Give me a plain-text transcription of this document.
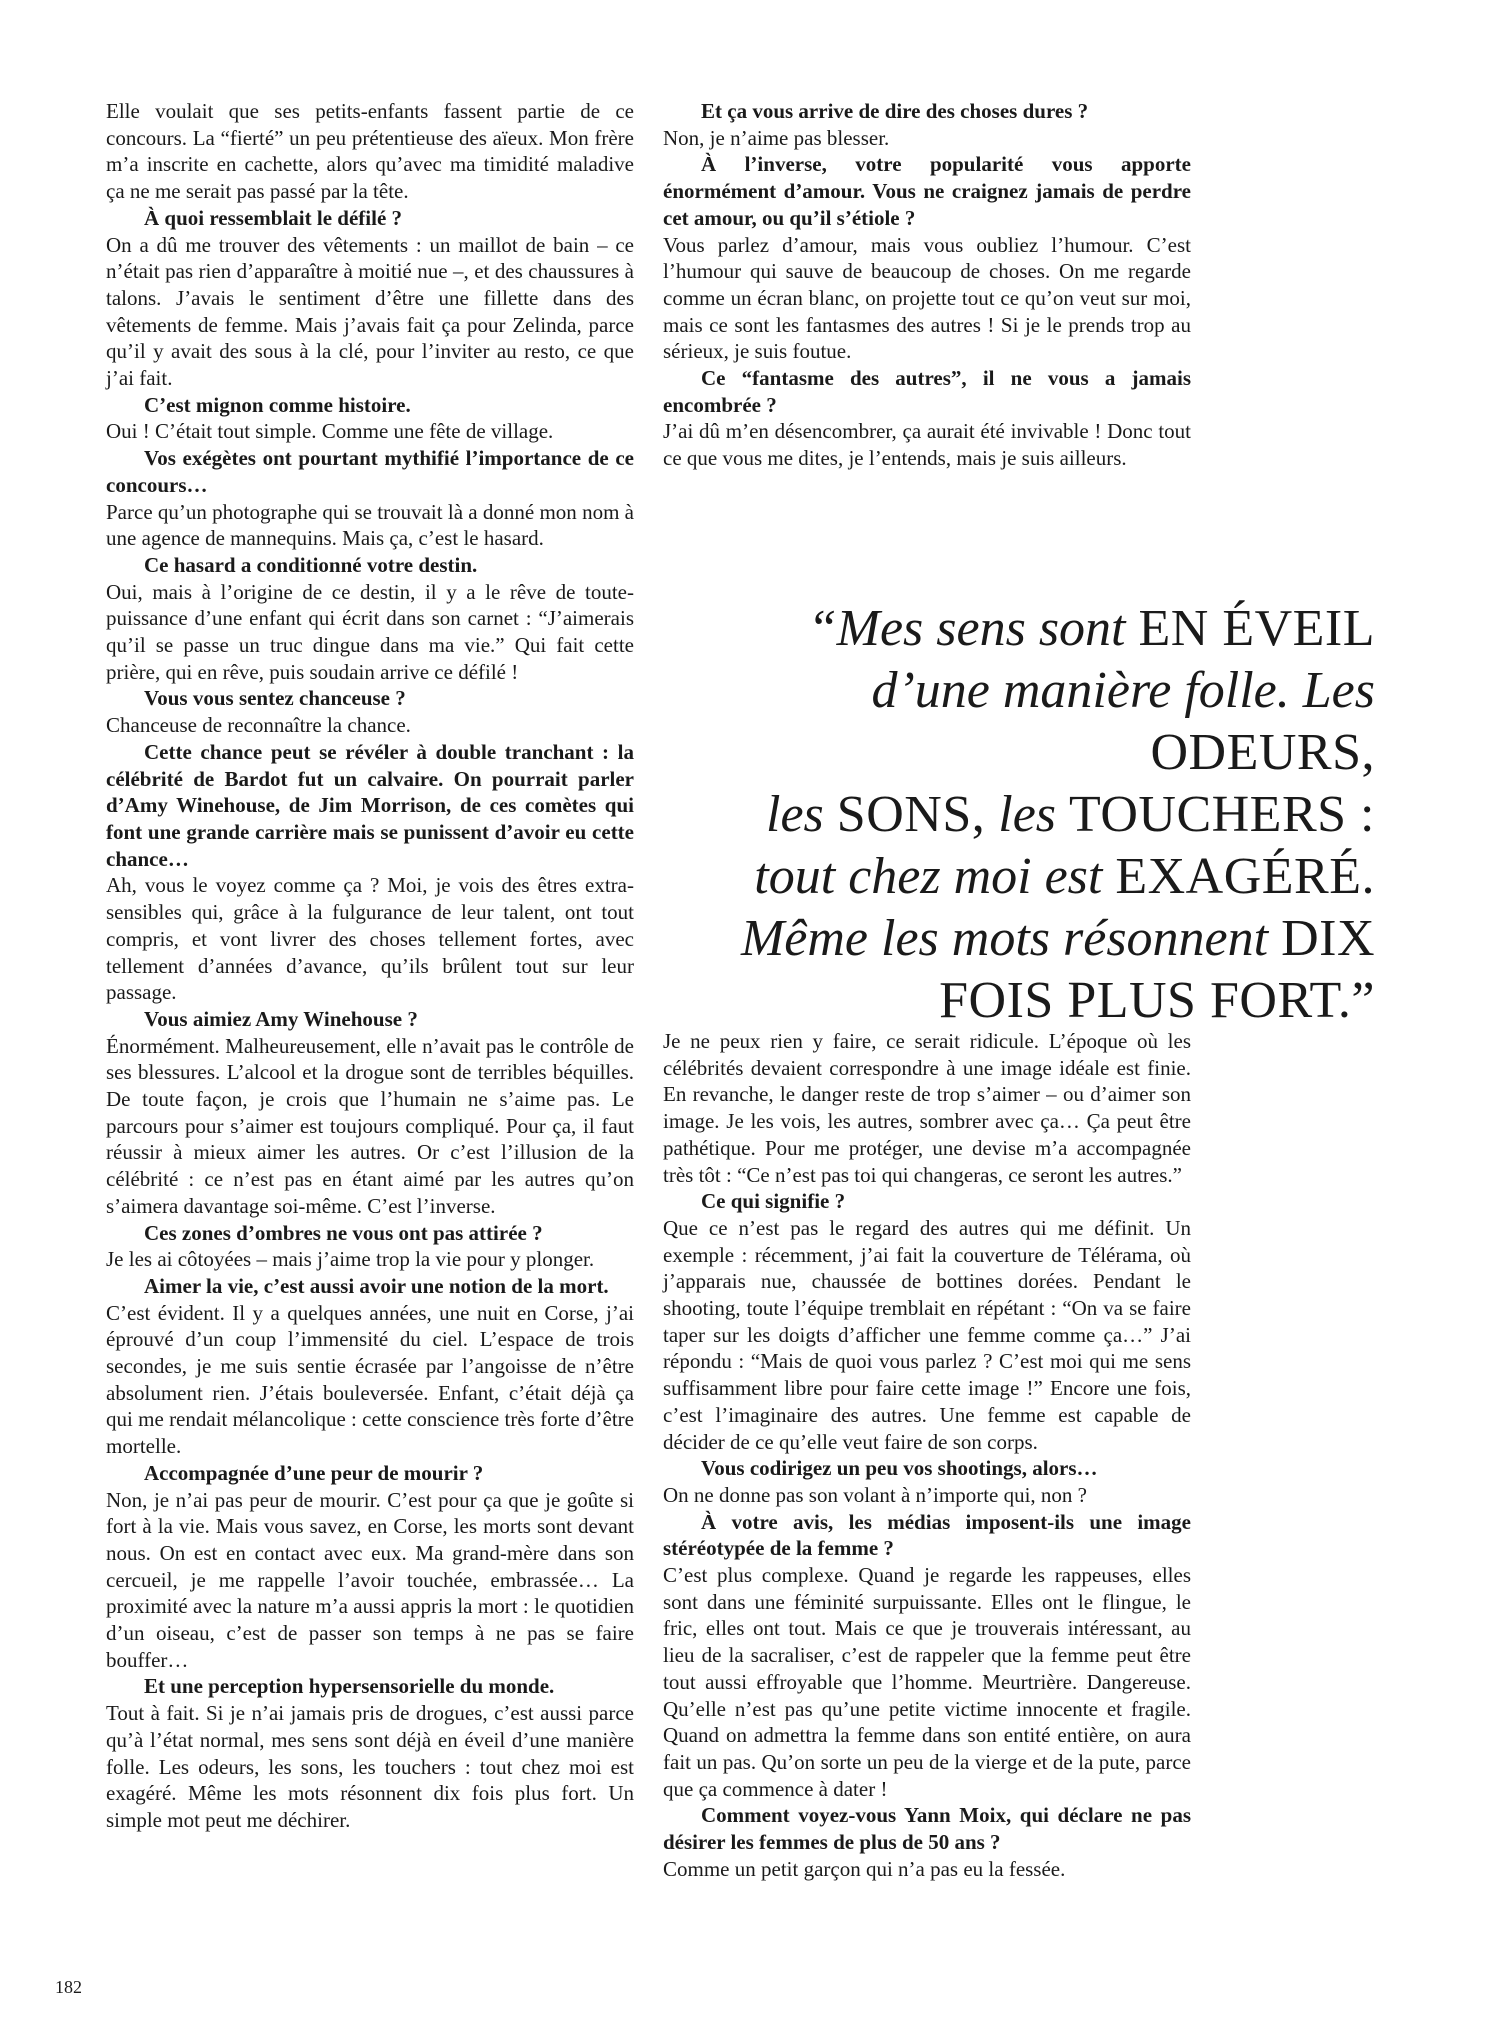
Elle voulait que ses petits-enfants fassent partie de ce concours. La “fierté” un peu prétentieuse des aïeux. Mon frère m’a inscrite en cachette, alors qu’avec ma timidité maladive ça ne me serait pas passé par la tête.

À quoi ressemblait le défilé ?

On a dû me trouver des vêtements : un maillot de bain – ce n’était pas rien d’apparaître à moitié nue –, et des chaussures à talons. J’avais le sentiment d’être une fillette dans des vêtements de femme. Mais j’avais fait ça pour Zelinda, parce qu’il y avait des sous à la clé, pour l’inviter au resto, ce que j’ai fait.

C’est mignon comme histoire.

Oui ! C’était tout simple. Comme une fête de village.

Vos exégètes ont pourtant mythifié l’importance de ce concours…

Parce qu’un photographe qui se trouvait là a donné mon nom à une agence de mannequins. Mais ça, c’est le hasard.

Ce hasard a conditionné votre destin.

Oui, mais à l’origine de ce destin, il y a le rêve de toute-puissance d’une enfant qui écrit dans son carnet : “J’aimerais qu’il se passe un truc dingue dans ma vie.” Qui fait cette prière, qui en rêve, puis soudain arrive ce défilé !

Vous vous sentez chanceuse ?

Chanceuse de reconnaître la chance.

Cette chance peut se révéler à double tranchant : la célébrité de Bardot fut un calvaire. On pourrait parler d’Amy Winehouse, de Jim Morrison, de ces comètes qui font une grande carrière mais se punissent d’avoir eu cette chance…

Ah, vous le voyez comme ça ? Moi, je vois des êtres extra-sensibles qui, grâce à la fulgurance de leur talent, ont tout compris, et vont livrer des choses tellement fortes, avec tellement d’années d’avance, qu’ils brûlent tout sur leur passage.

Vous aimiez Amy Winehouse ?

Énormément. Malheureusement, elle n’avait pas le contrôle de ses blessures. L’alcool et la drogue sont de terribles béquilles. De toute façon, je crois que l’humain ne s’aime pas. Le parcours pour s’aimer est toujours compliqué. Pour ça, il faut réussir à mieux aimer les autres. Or c’est l’illusion de la célébrité : ce n’est pas en étant aimé par les autres qu’on s’aimera davantage soi-même. C’est l’inverse.

Ces zones d’ombres ne vous ont pas attirée ?

Je les ai côtoyées – mais j’aime trop la vie pour y plonger.

Aimer la vie, c’est aussi avoir une notion de la mort.

C’est évident. Il y a quelques années, une nuit en Corse, j’ai éprouvé d’un coup l’immensité du ciel. L’espace de trois secondes, je me suis sentie écrasée par l’angoisse de n’être absolument rien. J’étais bouleversée. Enfant, c’était déjà ça qui me rendait mélancolique : cette conscience très forte d’être mortelle.

Accompagnée d’une peur de mourir ?

Non, je n’ai pas peur de mourir. C’est pour ça que je goûte si fort à la vie. Mais vous savez, en Corse, les morts sont devant nous. On est en contact avec eux. Ma grand-mère dans son cercueil, je me rappelle l’avoir touchée, embrassée… La proximité avec la nature m’a aussi appris la mort : le quotidien d’un oiseau, c’est de passer son temps à ne pas se faire bouffer…

Et une perception hypersensorielle du monde.

Tout à fait. Si je n’ai jamais pris de drogues, c’est aussi parce qu’à l’état normal, mes sens sont déjà en éveil d’une manière folle. Les odeurs, les sons, les touchers : tout chez moi est exagéré. Même les mots résonnent dix fois plus fort. Un simple mot peut me déchirer.

Et ça vous arrive de dire des choses dures ?

Non, je n’aime pas blesser.

À l’inverse, votre popularité vous apporte énormément d’amour. Vous ne craignez jamais de perdre cet amour, ou qu’il s’étiole ?

Vous parlez d’amour, mais vous oubliez l’humour. C’est l’humour qui sauve de beaucoup de choses. On me regarde comme un écran blanc, on projette tout ce qu’on veut sur moi, mais ce sont les fantasmes des autres ! Si je le prends trop au sérieux, je suis foutue.

Ce “fantasme des autres”, il ne vous a jamais encombrée ?

J’ai dû m’en désencombrer, ça aurait été invivable ! Donc tout ce que vous me dites, je l’entends, mais je suis ailleurs.

“Mes sens sont EN ÉVEIL
d’une manière folle. Les ODEURS,
les SONS, les TOUCHERS :
tout chez moi est EXAGÉRÉ.
Même les mots résonnent DIX
FOIS PLUS FORT.”

Je ne peux rien y faire, ce serait ridicule. L’époque où les célébrités devaient correspondre à une image idéale est finie. En revanche, le danger reste de trop s’aimer – ou d’aimer son image. Je les vois, les autres, sombrer avec ça… Ça peut être pathétique. Pour me protéger, une devise m’a accompagnée très tôt : “Ce n’est pas toi qui changeras, ce seront les autres.”

Ce qui signifie ?

Que ce n’est pas le regard des autres qui me définit. Un exemple : récemment, j’ai fait la couverture de Télérama, où j’apparais nue, chaussée de bottines dorées. Pendant le shooting, toute l’équipe tremblait en répétant : “On va se faire taper sur les doigts d’afficher une femme comme ça…” J’ai répondu : “Mais de quoi vous parlez ? C’est moi qui me sens suffisamment libre pour faire cette image !” Encore une fois, c’est l’imaginaire des autres. Une femme est capable de décider de ce qu’elle veut faire de son corps.

Vous codirigez un peu vos shootings, alors…

On ne donne pas son volant à n’importe qui, non ?

À votre avis, les médias imposent-ils une image stéréotypée de la femme ?

C’est plus complexe. Quand je regarde les rappeuses, elles sont dans une féminité surpuissante. Elles ont le flingue, le fric, elles ont tout. Mais ce que je trouverais intéressant, au lieu de la sacraliser, c’est de rappeler que la femme peut être tout aussi effroyable que l’homme. Meurtrière. Dangereuse. Qu’elle n’est pas qu’une petite victime innocente et fragile. Quand on admettra la femme dans son entité entière, on aura fait un pas. Qu’on sorte un peu de la vierge et de la pute, parce que ça commence à dater !

Comment voyez-vous Yann Moix, qui déclare ne pas désirer les femmes de plus de 50 ans ?

Comme un petit garçon qui n’a pas eu la fessée.

182
